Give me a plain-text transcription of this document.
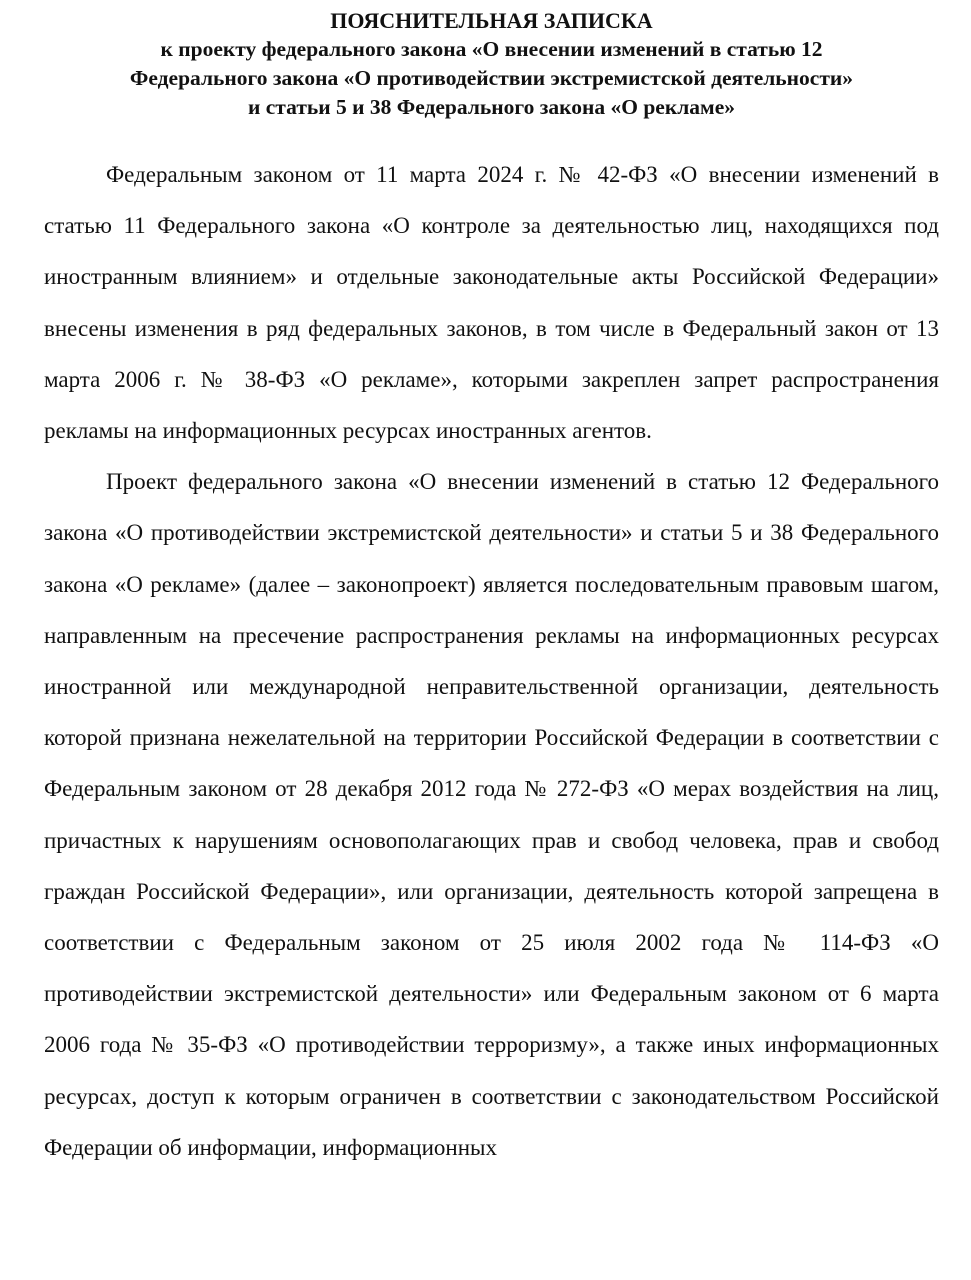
ПОЯСНИТЕЛЬНАЯ ЗАПИСКА
к проекту федерального закона «О внесении изменений в статью 12
Федерального закона «О противодействии экстремистской деятельности»
и статьи 5 и 38 Федерального закона «О рекламе»

Федеральным законом от 11 марта 2024 г. № 42-ФЗ «О внесении изменений в статью 11 Федерального закона «О контроле за деятельностью лиц, находящихся под иностранным влиянием» и отдельные законодательные акты Российской Федерации» внесены изменения в ряд федеральных законов, в том числе в Федеральный закон от 13 марта 2006 г. № 38-ФЗ «О рекламе», которыми закреплен запрет распространения рекламы на информационных ресурсах иностранных агентов.

Проект федерального закона «О внесении изменений в статью 12 Федерального закона «О противодействии экстремистской деятельности» и статьи 5 и 38 Федерального закона «О рекламе» (далее – законопроект) является последовательным правовым шагом, направленным на пресечение распространения рекламы на информационных ресурсах иностранной или международной неправительственной организации, деятельность которой признана нежелательной на территории Российской Федерации в соответствии с Федеральным законом от 28 декабря 2012 года № 272-ФЗ «О мерах воздействия на лиц, причастных к нарушениям основополагающих прав и свобод человека, прав и свобод граждан Российской Федерации», или организации, деятельность которой запрещена в соответствии с Федеральным законом от 25 июля 2002 года № 114-ФЗ «О противодействии экстремистской деятельности» или Федеральным законом от 6 марта 2006 года № 35-ФЗ «О противодействии терроризму», а также иных информационных ресурсах, доступ к которым ограничен в соответствии с законодательством Российской Федерации об информации, информационных
